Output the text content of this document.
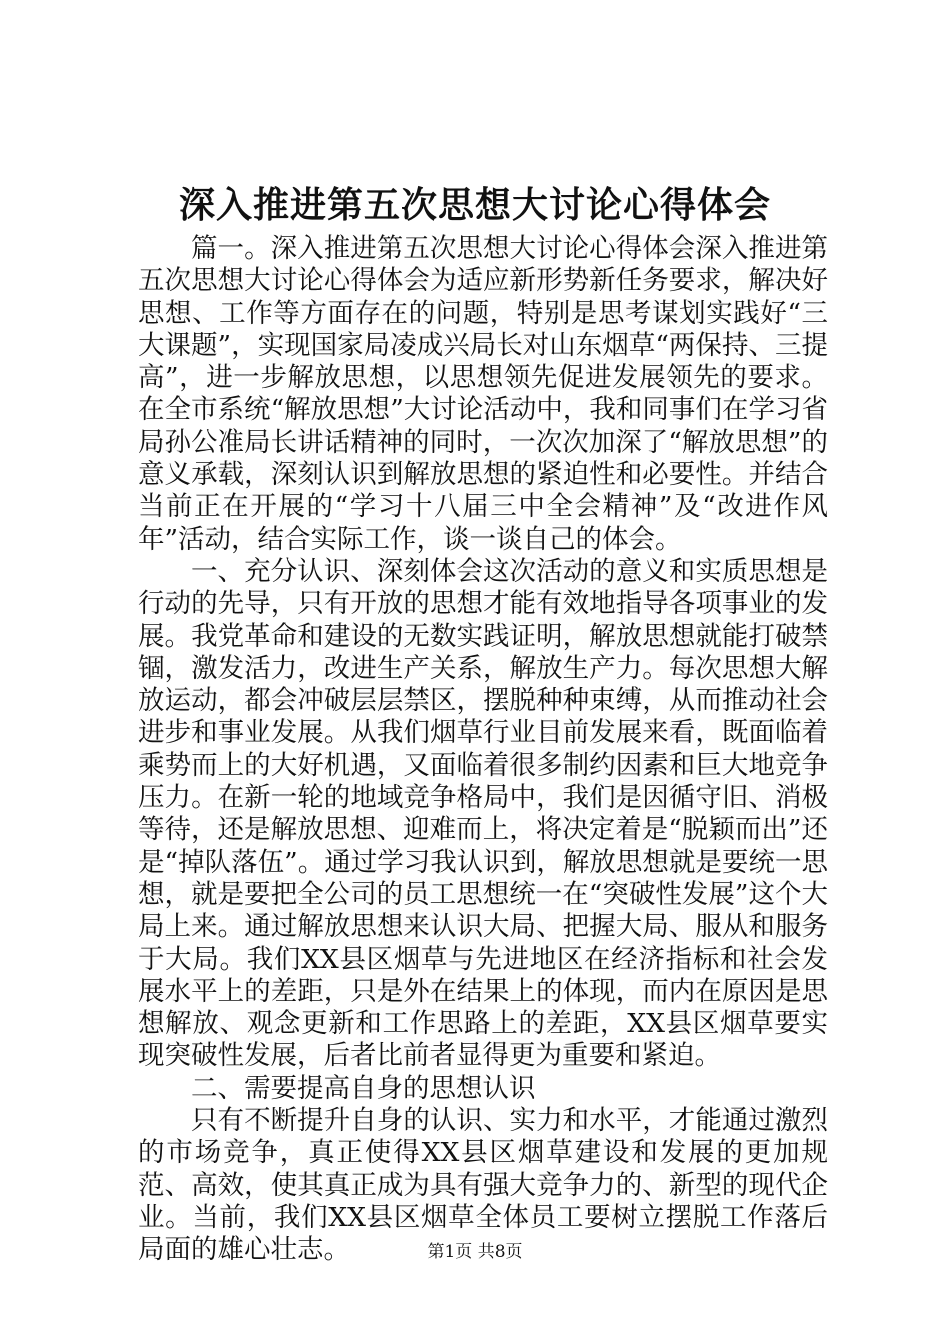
深入推进第五次思想大讨论心得体会

篇一。深入推进第五次思想大讨论心得体会深入推进第五次思想大讨论心得体会为适应新形势新任务要求，解决好思想、工作等方面存在的问题，特别是思考谋划实践好“三大课题”，实现国家局凌成兴局长对山东烟草“两保持、三提高”，进一步解放思想，以思想领先促进发展领先的要求。在全市系统“解放思想”大讨论活动中，我和同事们在学习省局孙公准局长讲话精神的同时，一次次加深了“解放思想”的意义承载，深刻认识到解放思想的紧迫性和必要性。并结合当前正在开展的“学习十八届三中全会精神”及“改进作风年”活动，结合实际工作，谈一谈自己的体会。

一、充分认识、深刻体会这次活动的意义和实质思想是行动的先导，只有开放的思想才能有效地指导各项事业的发展。我党革命和建设的无数实践证明，解放思想就能打破禁锢，激发活力，改进生产关系，解放生产力。每次思想大解放运动，都会冲破层层禁区，摆脱种种束缚，从而推动社会进步和事业发展。从我们烟草行业目前发展来看，既面临着乘势而上的大好机遇，又面临着很多制约因素和巨大地竞争压力。在新一轮的地域竞争格局中，我们是因循守旧、消极等待，还是解放思想、迎难而上，将决定着是“脱颖而出”还是“掉队落伍”。通过学习我认识到，解放思想就是要统一思想，就是要把全公司的员工思想统一在“突破性发展”这个大局上来。通过解放思想来认识大局、把握大局、服从和服务于大局。我们XX县区烟草与先进地区在经济指标和社会发展水平上的差距，只是外在结果上的体现，而内在原因是思想解放、观念更新和工作思路上的差距，XX县区烟草要实现突破性发展，后者比前者显得更为重要和紧迫。

二、需要提高自身的思想认识

只有不断提升自身的认识、实力和水平，才能通过激烈的市场竞争，真正使得XX县区烟草建设和发展的更加规范、高效，使其真正成为具有强大竞争力的、新型的现代企业。当前，我们XX县区烟草全体员工要树立摆脱工作落后局面的雄心壮志。	第1页 共8页
